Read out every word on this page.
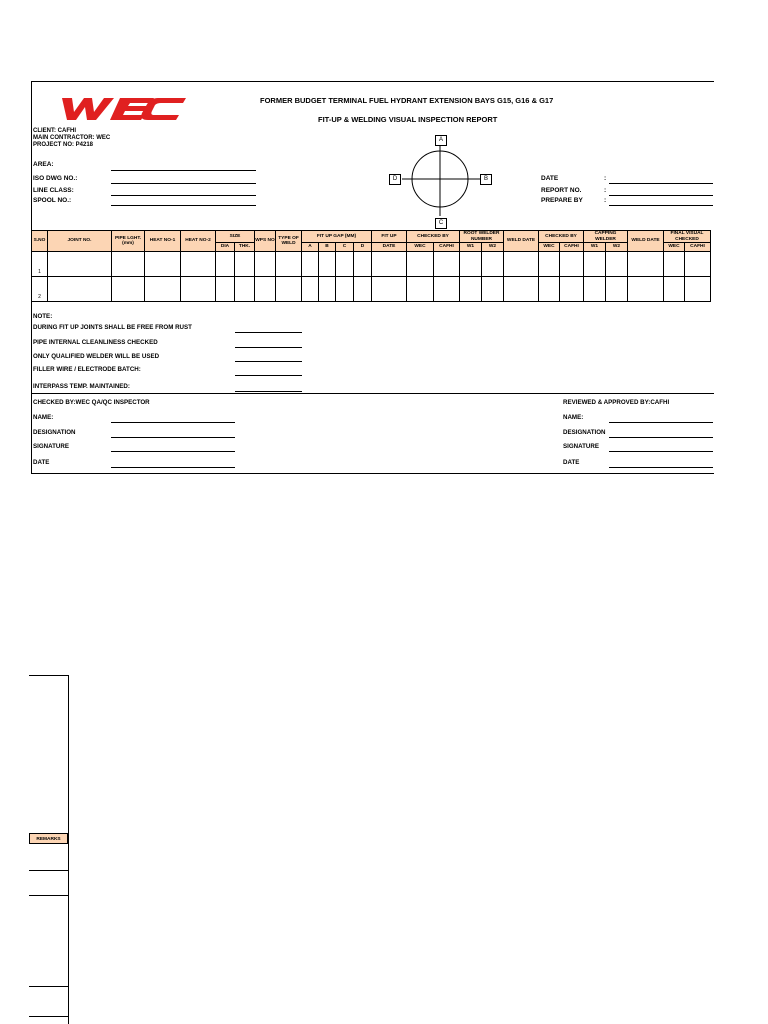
FORMER BUDGET TERMINAL FUEL HYDRANT EXTENSION BAYS G15, G16 & G17
FIT-UP & WELDING VISUAL INSPECTION REPORT
CLIENT: CAFHI
MAIN CONTRACTOR: WEC
PROJECT NO: P4218
AREA:
ISO DWG NO.:
LINE CLASS:
SPOOL NO.:
DATE	:
REPORT NO.	:
PREPARE BY	:
A
B
C
D
S.NO	JOINT NO.	PIPE LGHT. (mm)	HEAT NO-1	HEAT NO-2	SIZE		WPS NO	TYPE OF WELD	FIT UP GAP (MM)				FIT UP	CHECKED BY		ROOT WELDER NUMBER		WELD DATE	CHECKED BY		CAPPING WELDER		WELD DATE	FINAL VISUAL CHECKED	
					DIA	THK.			A	B	C	D	DATE	WEC	CAFHI	W1	W2		WEC	CAFHI	W1	W2		WEC	CAFHI
1																									
2																									
NOTE:
DURING FIT UP JOINTS SHALL BE FREE FROM RUST
PIPE INTERNAL CLEANLINESS CHECKED
ONLY QUALIFIED WELDER WILL BE USED
FILLER WIRE / ELECTRODE BATCH:
INTERPASS TEMP. MAINTAINED:
CHECKED BY:WEC QA/QC INSPECTOR	REVIEWED & APPROVED BY:CAFHI
NAME:
DESIGNATION
SIGNATURE
DATE
NAME:
DESIGNATION
SIGNATURE
DATE
REMARKS
